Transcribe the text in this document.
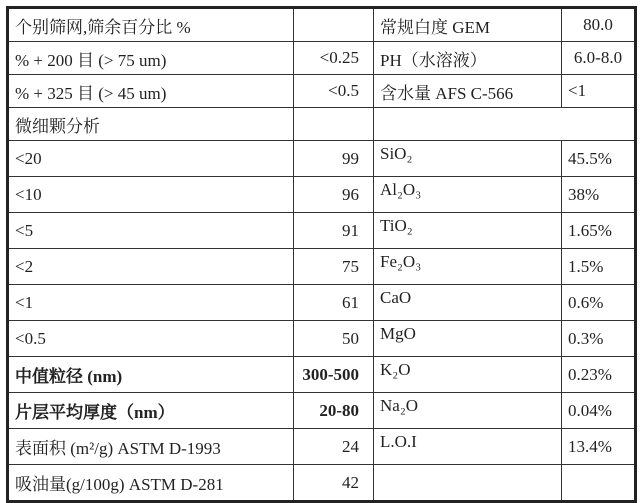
个别筛网,筛余百分比 %		常规白度 GEM	80.0
% + 200 目 (> 75 um)	<0.25	PH（水溶液）	6.0-8.0
% + 325 目 (> 45 um)	<0.5	含水量 AFS C-566	<1
微细颗分析			
<20	99	SiO₂	45.5%
<10	96	Al₂O₃	38%
<5	91	TiO₂	1.65%
<2	75	Fe₂O₃	1.5%
<1	61	CaO	0.6%
<0.5	50	MgO	0.3%
中值粒径 (nm)	300-500	K₂O	0.23%
片层平均厚度（nm）	20-80	Na₂O	0.04%
表面积 (m²/g) ASTM D-1993	24	L.O.I	13.4%
吸油量(g/100g) ASTM D-281	42		
